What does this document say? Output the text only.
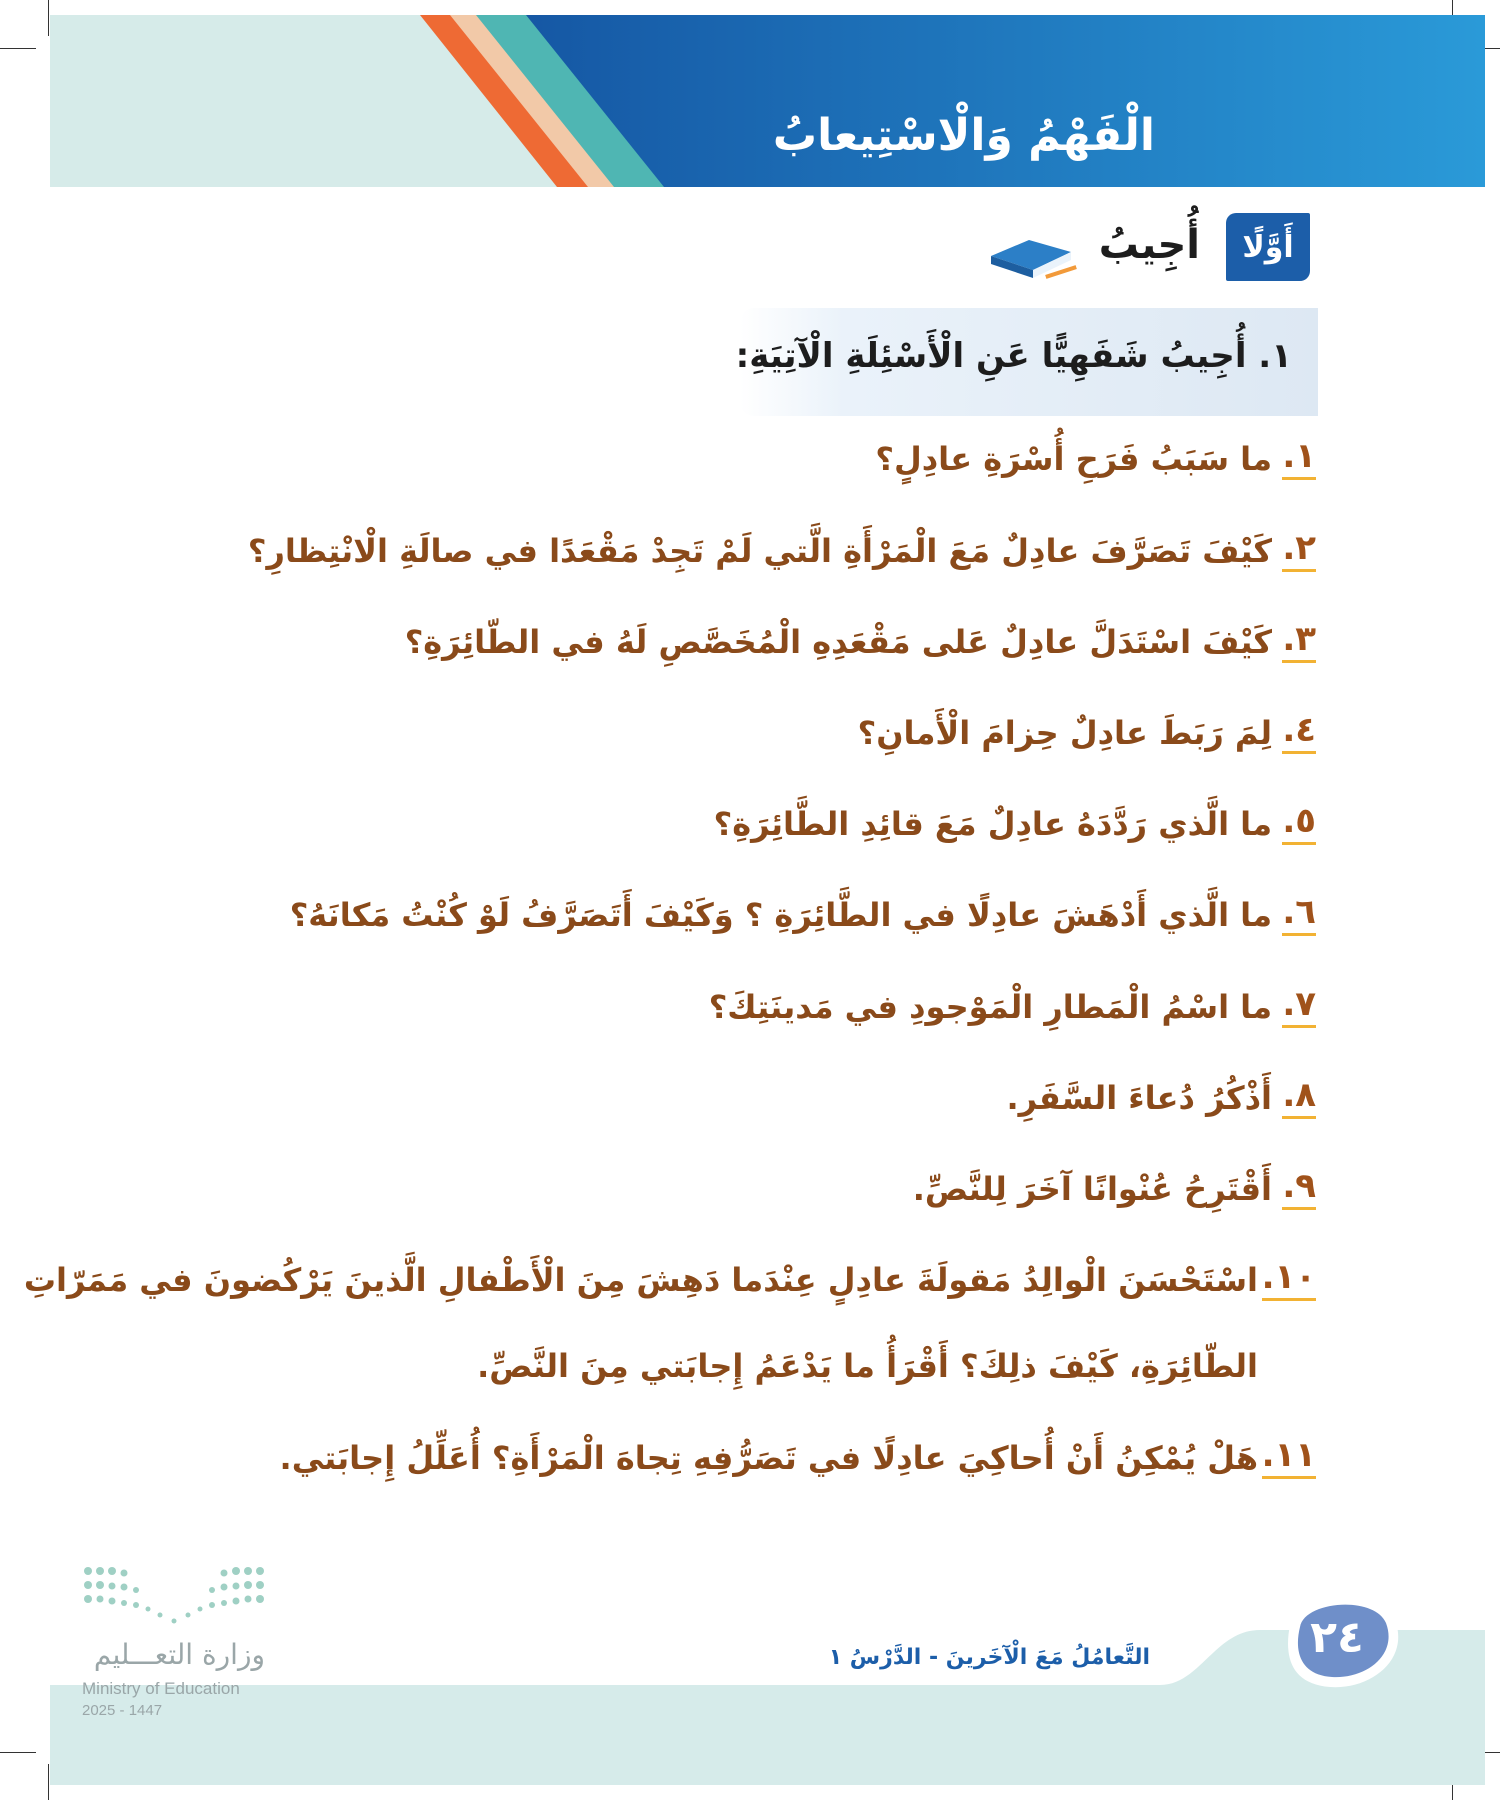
الْفَهْمُ وَالْاسْتِيعابُ
أَوَّلًا
أُجِيبُ
١. أُجِيبُ شَفَهِيًّا عَنِ الْأَسْئِلَةِ الْآتِيَةِ:
١.
ما سَبَبُ فَرَحِ أُسْرَةِ عادِلٍ؟
٢.
كَيْفَ تَصَرَّفَ عادِلٌ مَعَ الْمَرْأَةِ الَّتي لَمْ تَجِدْ مَقْعَدًا في صالَةِ الْانْتِظارِ؟
٣.
كَيْفَ اسْتَدَلَّ عادِلٌ عَلى مَقْعَدِهِ الْمُخَصَّصِ لَهُ في الطّائِرَةِ؟
٤.
لِمَ رَبَطَ عادِلٌ حِزامَ الْأَمانِ؟
٥.
ما الَّذي رَدَّدَهُ عادِلٌ مَعَ قائِدِ الطَّائِرَةِ؟
٦.
ما الَّذي أَدْهَشَ عادِلًا في الطَّائِرَةِ ؟ وَكَيْفَ أَتَصَرَّفُ لَوْ كُنْتُ مَكانَهُ؟
٧.
ما اسْمُ الْمَطارِ الْمَوْجودِ في مَدينَتِكَ؟
٨.
أَذْكُرُ دُعاءَ السَّفَرِ.
٩.
أَقْتَرِحُ عُنْوانًا آخَرَ لِلنَّصِّ.
١٠.
اسْتَحْسَنَ الْوالِدُ مَقولَةَ عادِلٍ عِنْدَما دَهِشَ مِنَ الْأَطْفالِ الَّذينَ يَرْكُضونَ في مَمَرّاتِ
الطّائِرَةِ، كَيْفَ ذلِكَ؟ أَقْرَأُ ما يَدْعَمُ إِجابَتي مِنَ النَّصِّ.
١١.
هَلْ يُمْكِنُ أَنْ أُحاكِيَ عادِلًا في تَصَرُّفِهِ تِجاهَ الْمَرْأَةِ؟ أُعَلِّلُ إِجابَتي.
٢٤
التَّعامُلُ مَعَ الْآخَرينَ - الدَّرْسُ ١
وزارة التعـــليم
Ministry of Education
2025 - 1447
